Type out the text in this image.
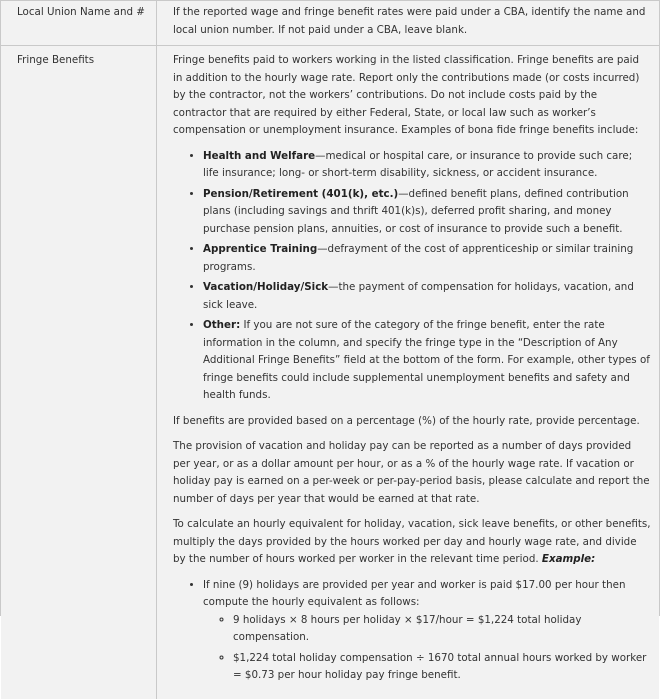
Local Union Name and #	If the reported wage and fringe benefit rates were paid under a CBA, identify the name and local union number. If not paid under a CBA, leave blank.
Fringe Benefits	Fringe benefits paid to workers working in the listed classification. Fringe benefits are paid in addition to the hourly wage rate. Report only the contributions made (or costs incurred) by the contractor, not the workers’ contributions. Do not include costs paid by the contractor that are required by either Federal, State, or local law such as worker’s compensation or unemployment insurance. Examples of bona fide fringe benefits include:

• Health and Welfare—medical or hospital care, or insurance to provide such care; life insurance; long- or short-term disability, sickness, or accident insurance.
• Pension/Retirement (401(k), etc.)—defined benefit plans, defined contribution plans (including savings and thrift 401(k)s), deferred profit sharing, and money purchase pension plans, annuities, or cost of insurance to provide such a benefit.
• Apprentice Training—defrayment of the cost of apprenticeship or similar training programs.
• Vacation/Holiday/Sick—the payment of compensation for holidays, vacation, and sick leave.
• Other: If you are not sure of the category of the fringe benefit, enter the rate information in the column, and specify the fringe type in the “Description of Any Additional Fringe Benefits” field at the bottom of the form. For example, other types of fringe benefits could include supplemental unemployment benefits and safety and health funds.

If benefits are provided based on a percentage (%) of the hourly rate, provide percentage.

The provision of vacation and holiday pay can be reported as a number of days provided per year, or as a dollar amount per hour, or as a % of the hourly wage rate. If vacation or holiday pay is earned on a per-week or per-pay-period basis, please calculate and report the number of days per year that would be earned at that rate.

To calculate an hourly equivalent for holiday, vacation, sick leave benefits, or other benefits, multiply the days provided by the hours worked per day and hourly wage rate, and divide by the number of hours worked per worker in the relevant time period. Example:

• If nine (9) holidays are provided per year and worker is paid $17.00 per hour then compute the hourly equivalent as follows:
◦ 9 holidays × 8 hours per holiday × $17/hour = $1,224 total holiday compensation.
◦ $1,224 total holiday compensation ÷ 1670 total annual hours worked by worker = $0.73 per hour holiday pay fringe benefit.
